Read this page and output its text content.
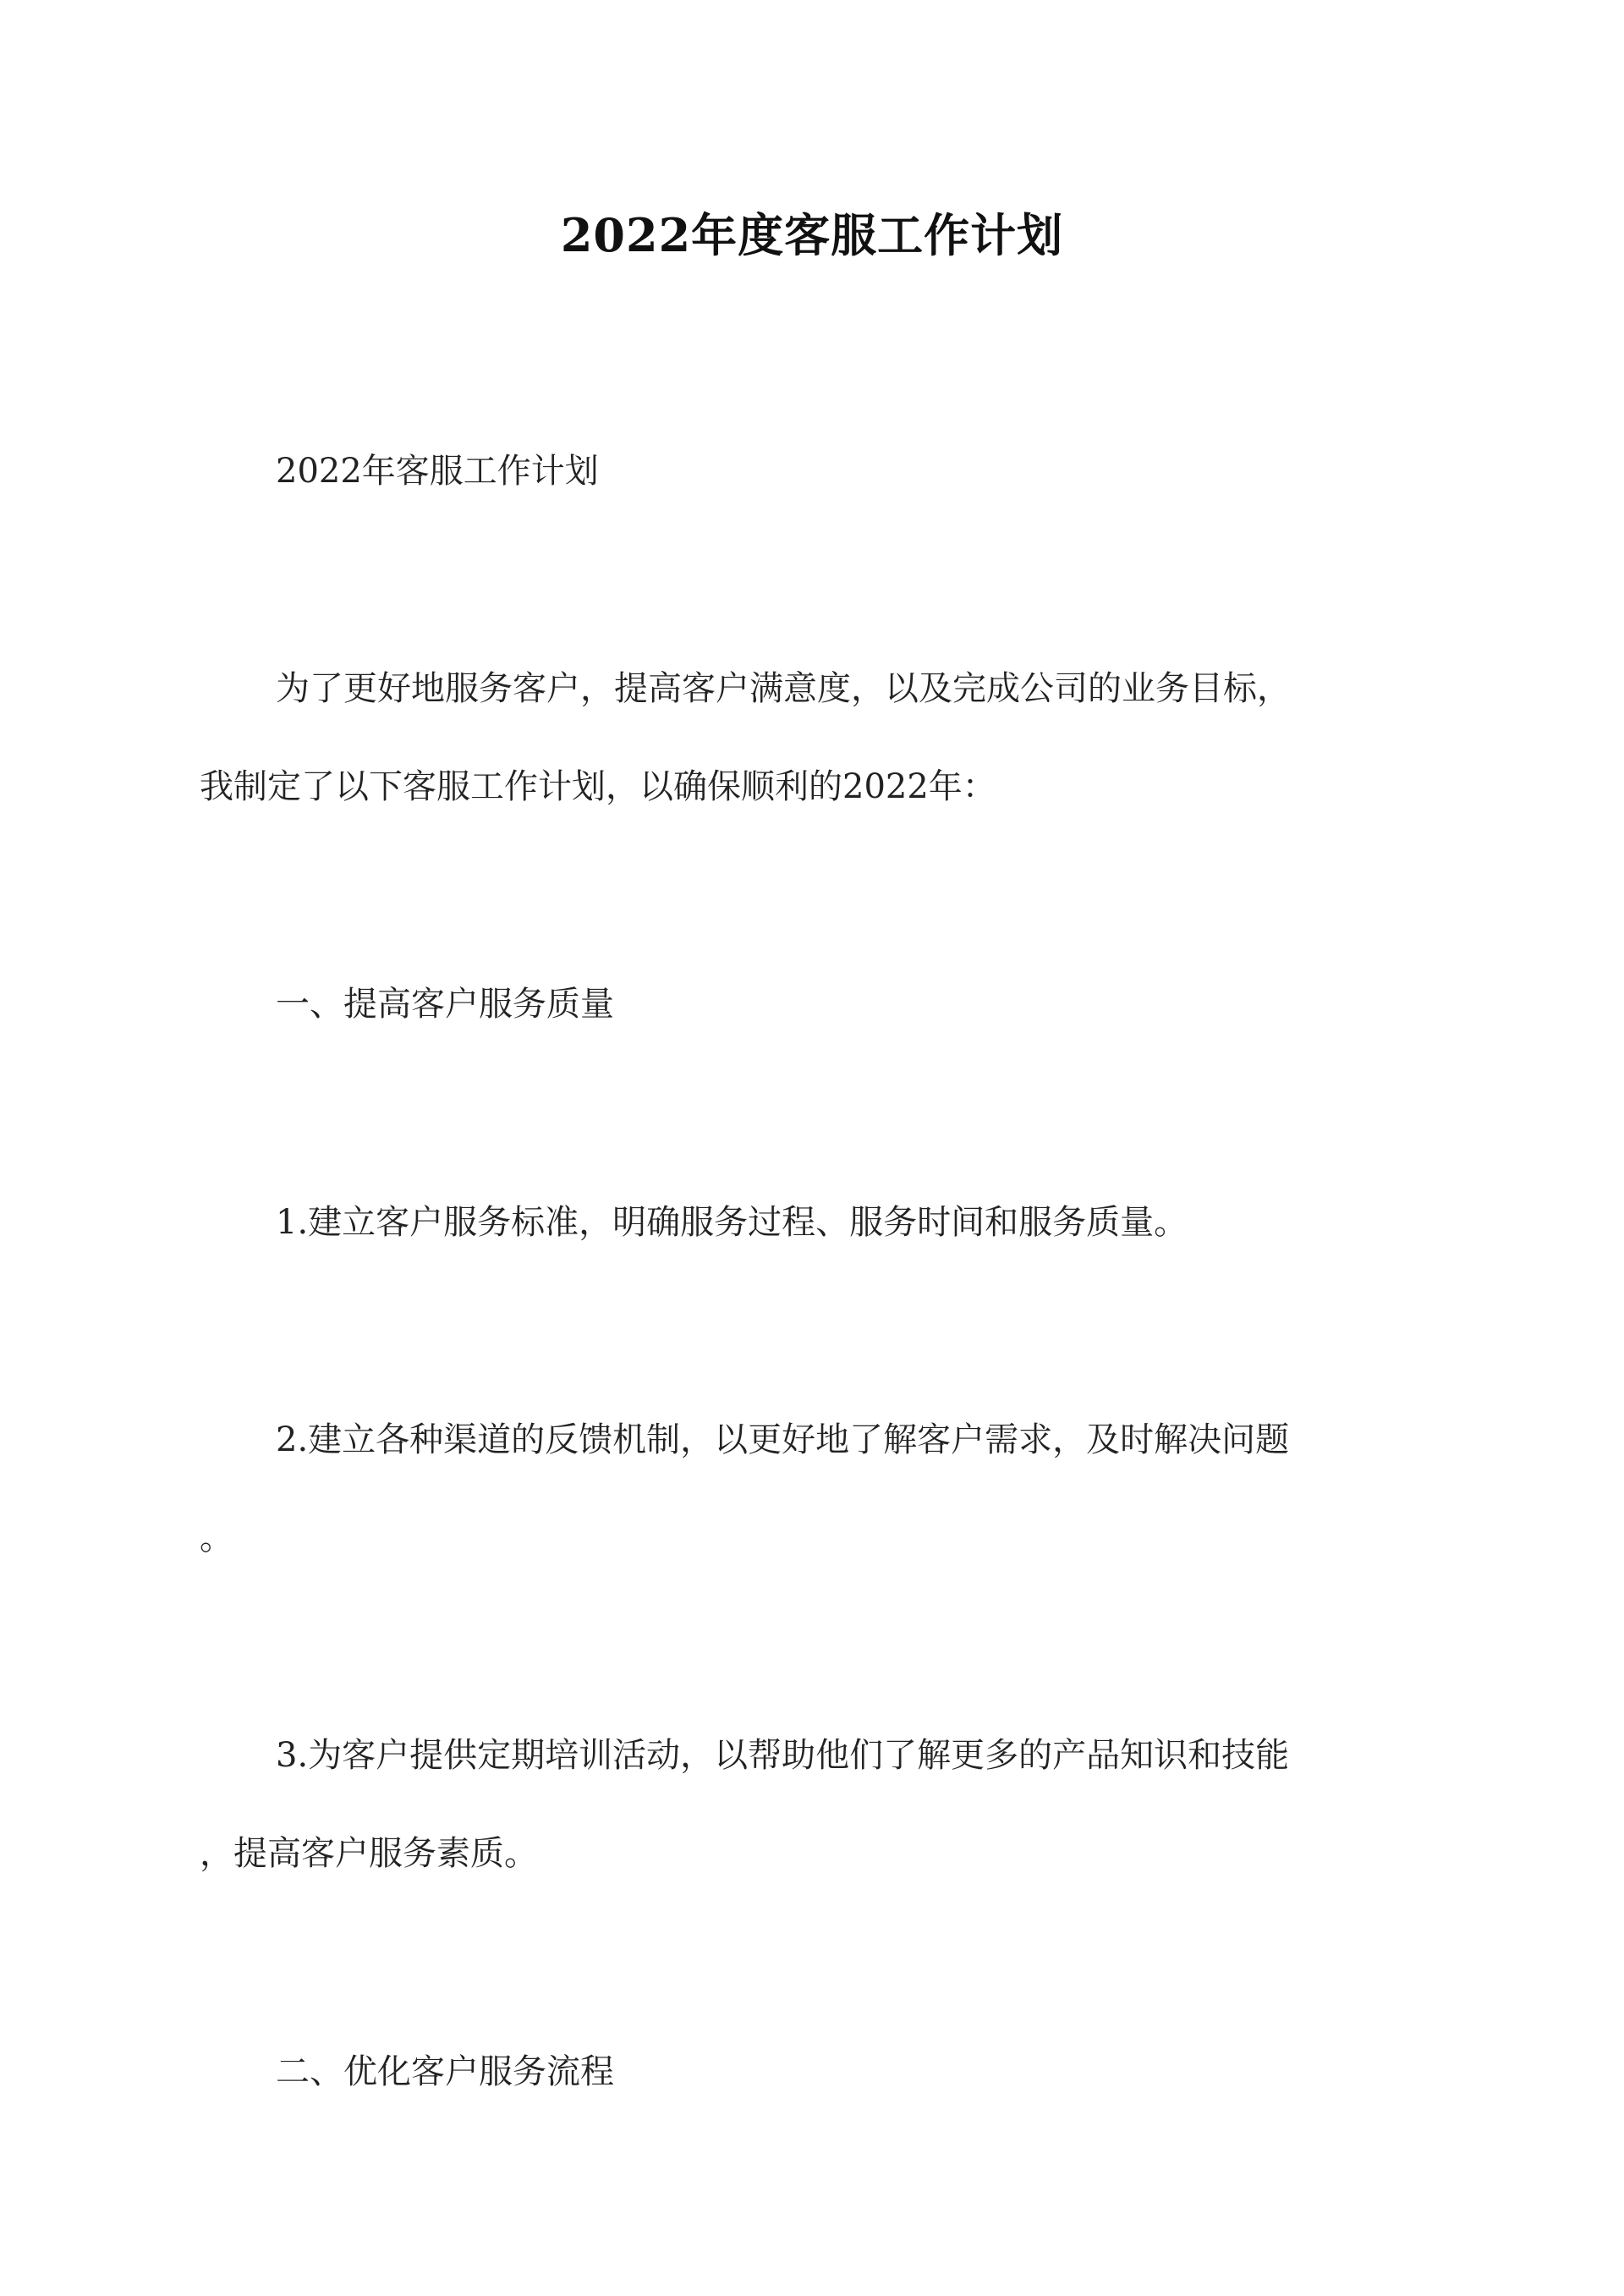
2022年度客服工作计划
2022年客服工作计划
为了更好地服务客户，提高客户满意度，以及完成公司的业务目标，
我制定了以下客服工作计划，以确保顺利的2022年：
一、提高客户服务质量
1.建立客户服务标准，明确服务过程、服务时间和服务质量。
2.建立各种渠道的反馈机制，以更好地了解客户需求，及时解决问题
。
3.为客户提供定期培训活动，以帮助他们了解更多的产品知识和技能
，提高客户服务素质。
二、优化客户服务流程
